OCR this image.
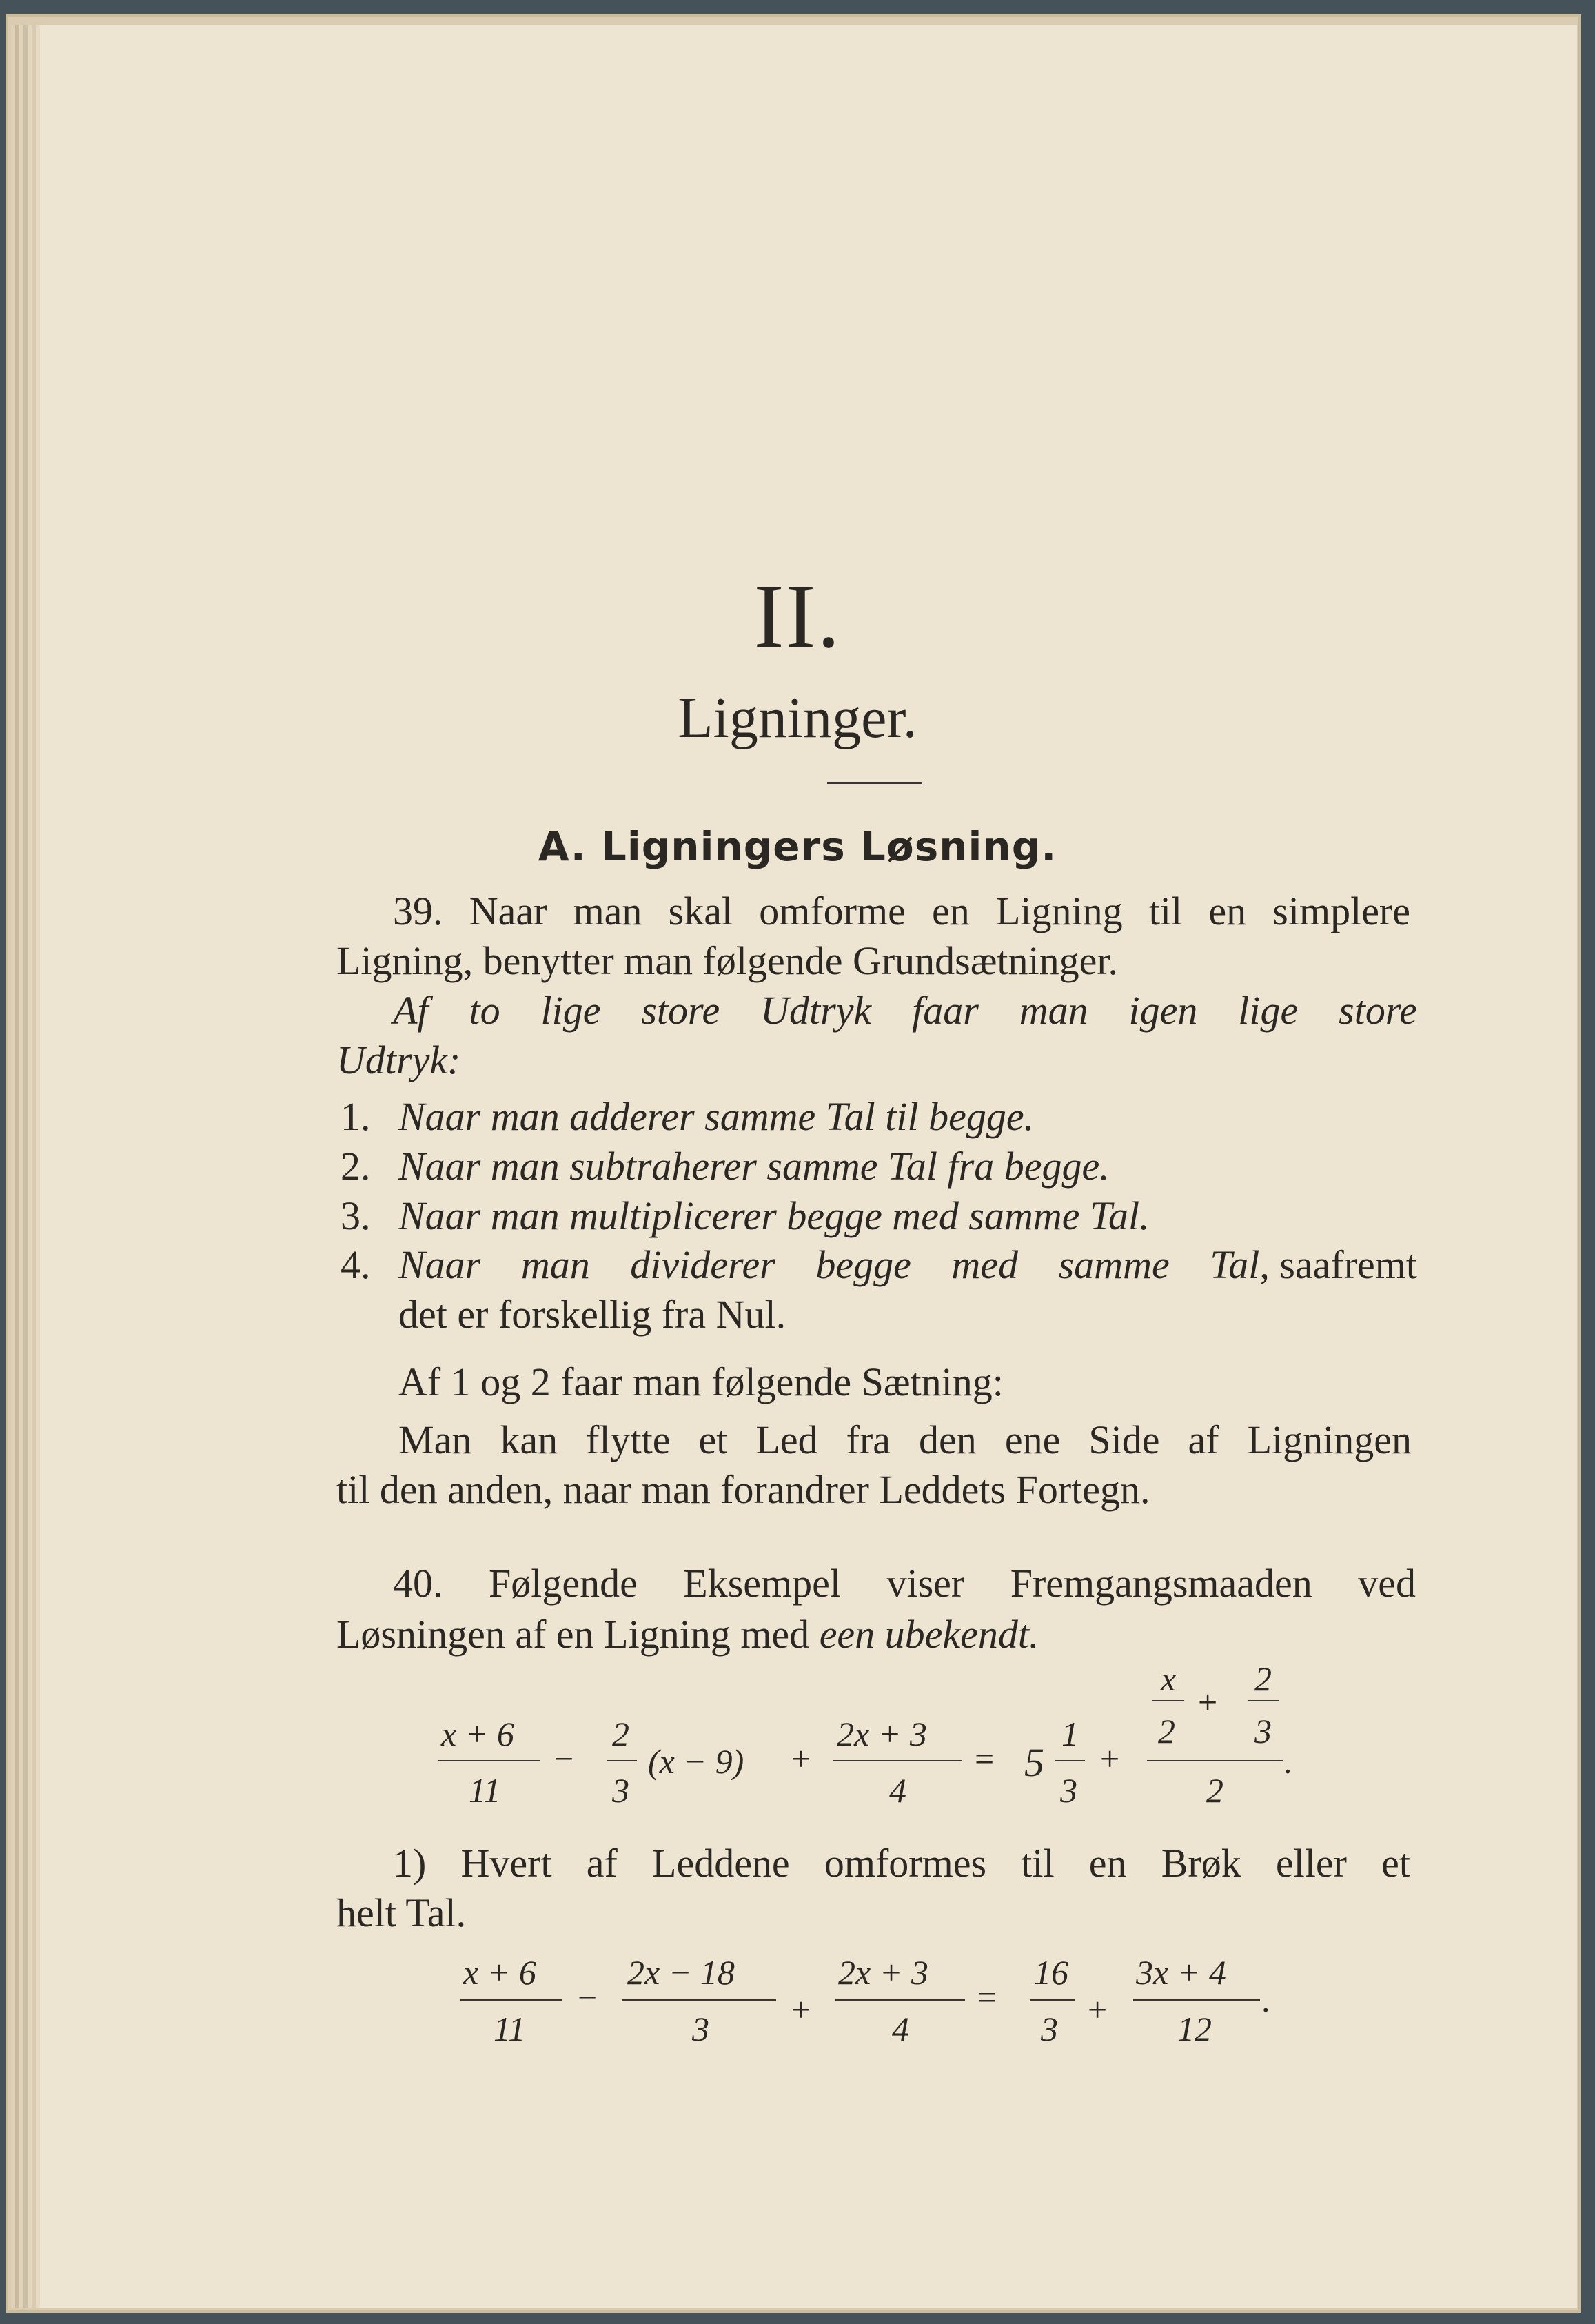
II.
Ligninger.
A. Ligningers Løsning.
39. Naar man skal omforme en Ligning til en simplere
Ligning, benytter man følgende Grundsætninger.
Af to lige store Udtryk faar man igen lige store
Udtryk:
1. Naar man adderer samme Tal til begge.
2. Naar man subtraherer samme Tal fra begge.
3. Naar man multiplicerer begge med samme Tal.
4. Naar man dividerer begge med samme Tal , saafremt
det er forskellig fra Nul.
Af 1 og 2 faar man følgende Sætning:
Man kan flytte et Led fra den ene Side af Ligningen
til den anden, naar man forandrer Leddets Fortegn.
40. Følgende Eksempel viser Fremgangsmaaden ved
Løsningen af en Ligning med een ubekendt.
x + 6
11
−
2
3
(x − 9) +
2x + 3
4
= 5
1
3
+
x
2
+
2
3
2
.
1) Hvert af Leddene omformes til en Brøk eller et
helt Tal.
x + 6
11
−
2x − 18
3 +
2x + 3
4
=
16
3 +
3x + 4
12
.
